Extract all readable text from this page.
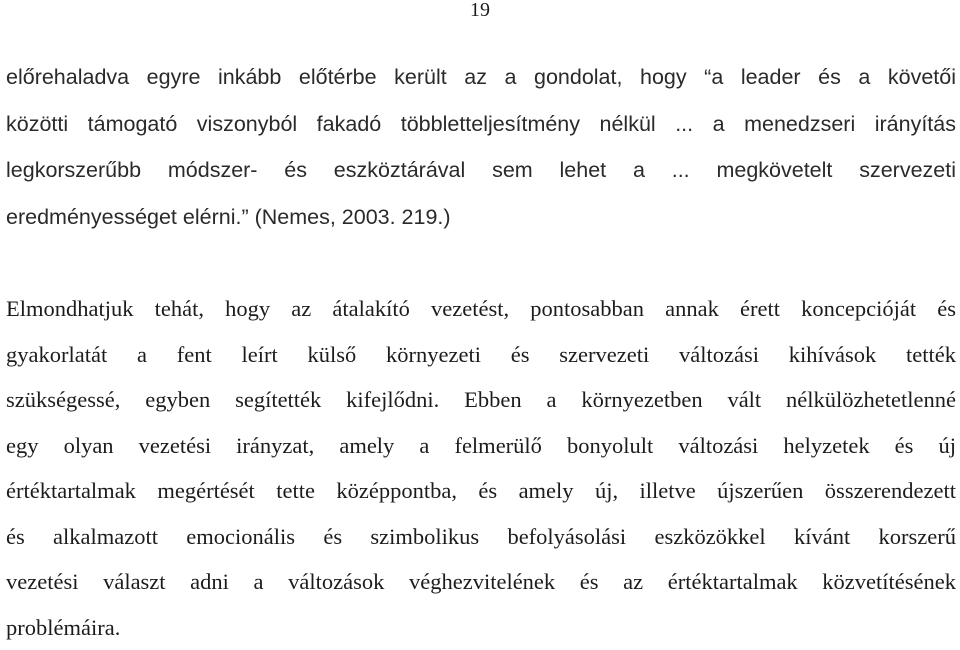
19
előrehaladva egyre inkább előtérbe került az a gondolat, hogy “a leader és a követői
közötti támogató viszonyból fakadó többletteljesítmény nélkül ... a menedzseri irányítás
legkorszerűbb módszer- és eszköztárával sem lehet a ... megkövetelt szervezeti
eredményességet elérni.” (Nemes, 2003. 219.)
Elmondhatjuk tehát, hogy az átalakító vezetést, pontosabban annak érett koncepcióját és
gyakorlatát a fent leírt külső környezeti és szervezeti változási kihívások tették
szükségessé, egyben segítették kifejlődni. Ebben a környezetben vált nélkülözhetetlenné
egy olyan vezetési irányzat, amely a felmerülő bonyolult változási helyzetek és új
értéktartalmak megértését tette középpontba, és amely új, illetve újszerűen összerendezett
és alkalmazott emocionális és szimbolikus befolyásolási eszközökkel kívánt korszerű
vezetési választ adni a változások véghezvitelének és az értéktartalmak közvetítésének
problémáira.
